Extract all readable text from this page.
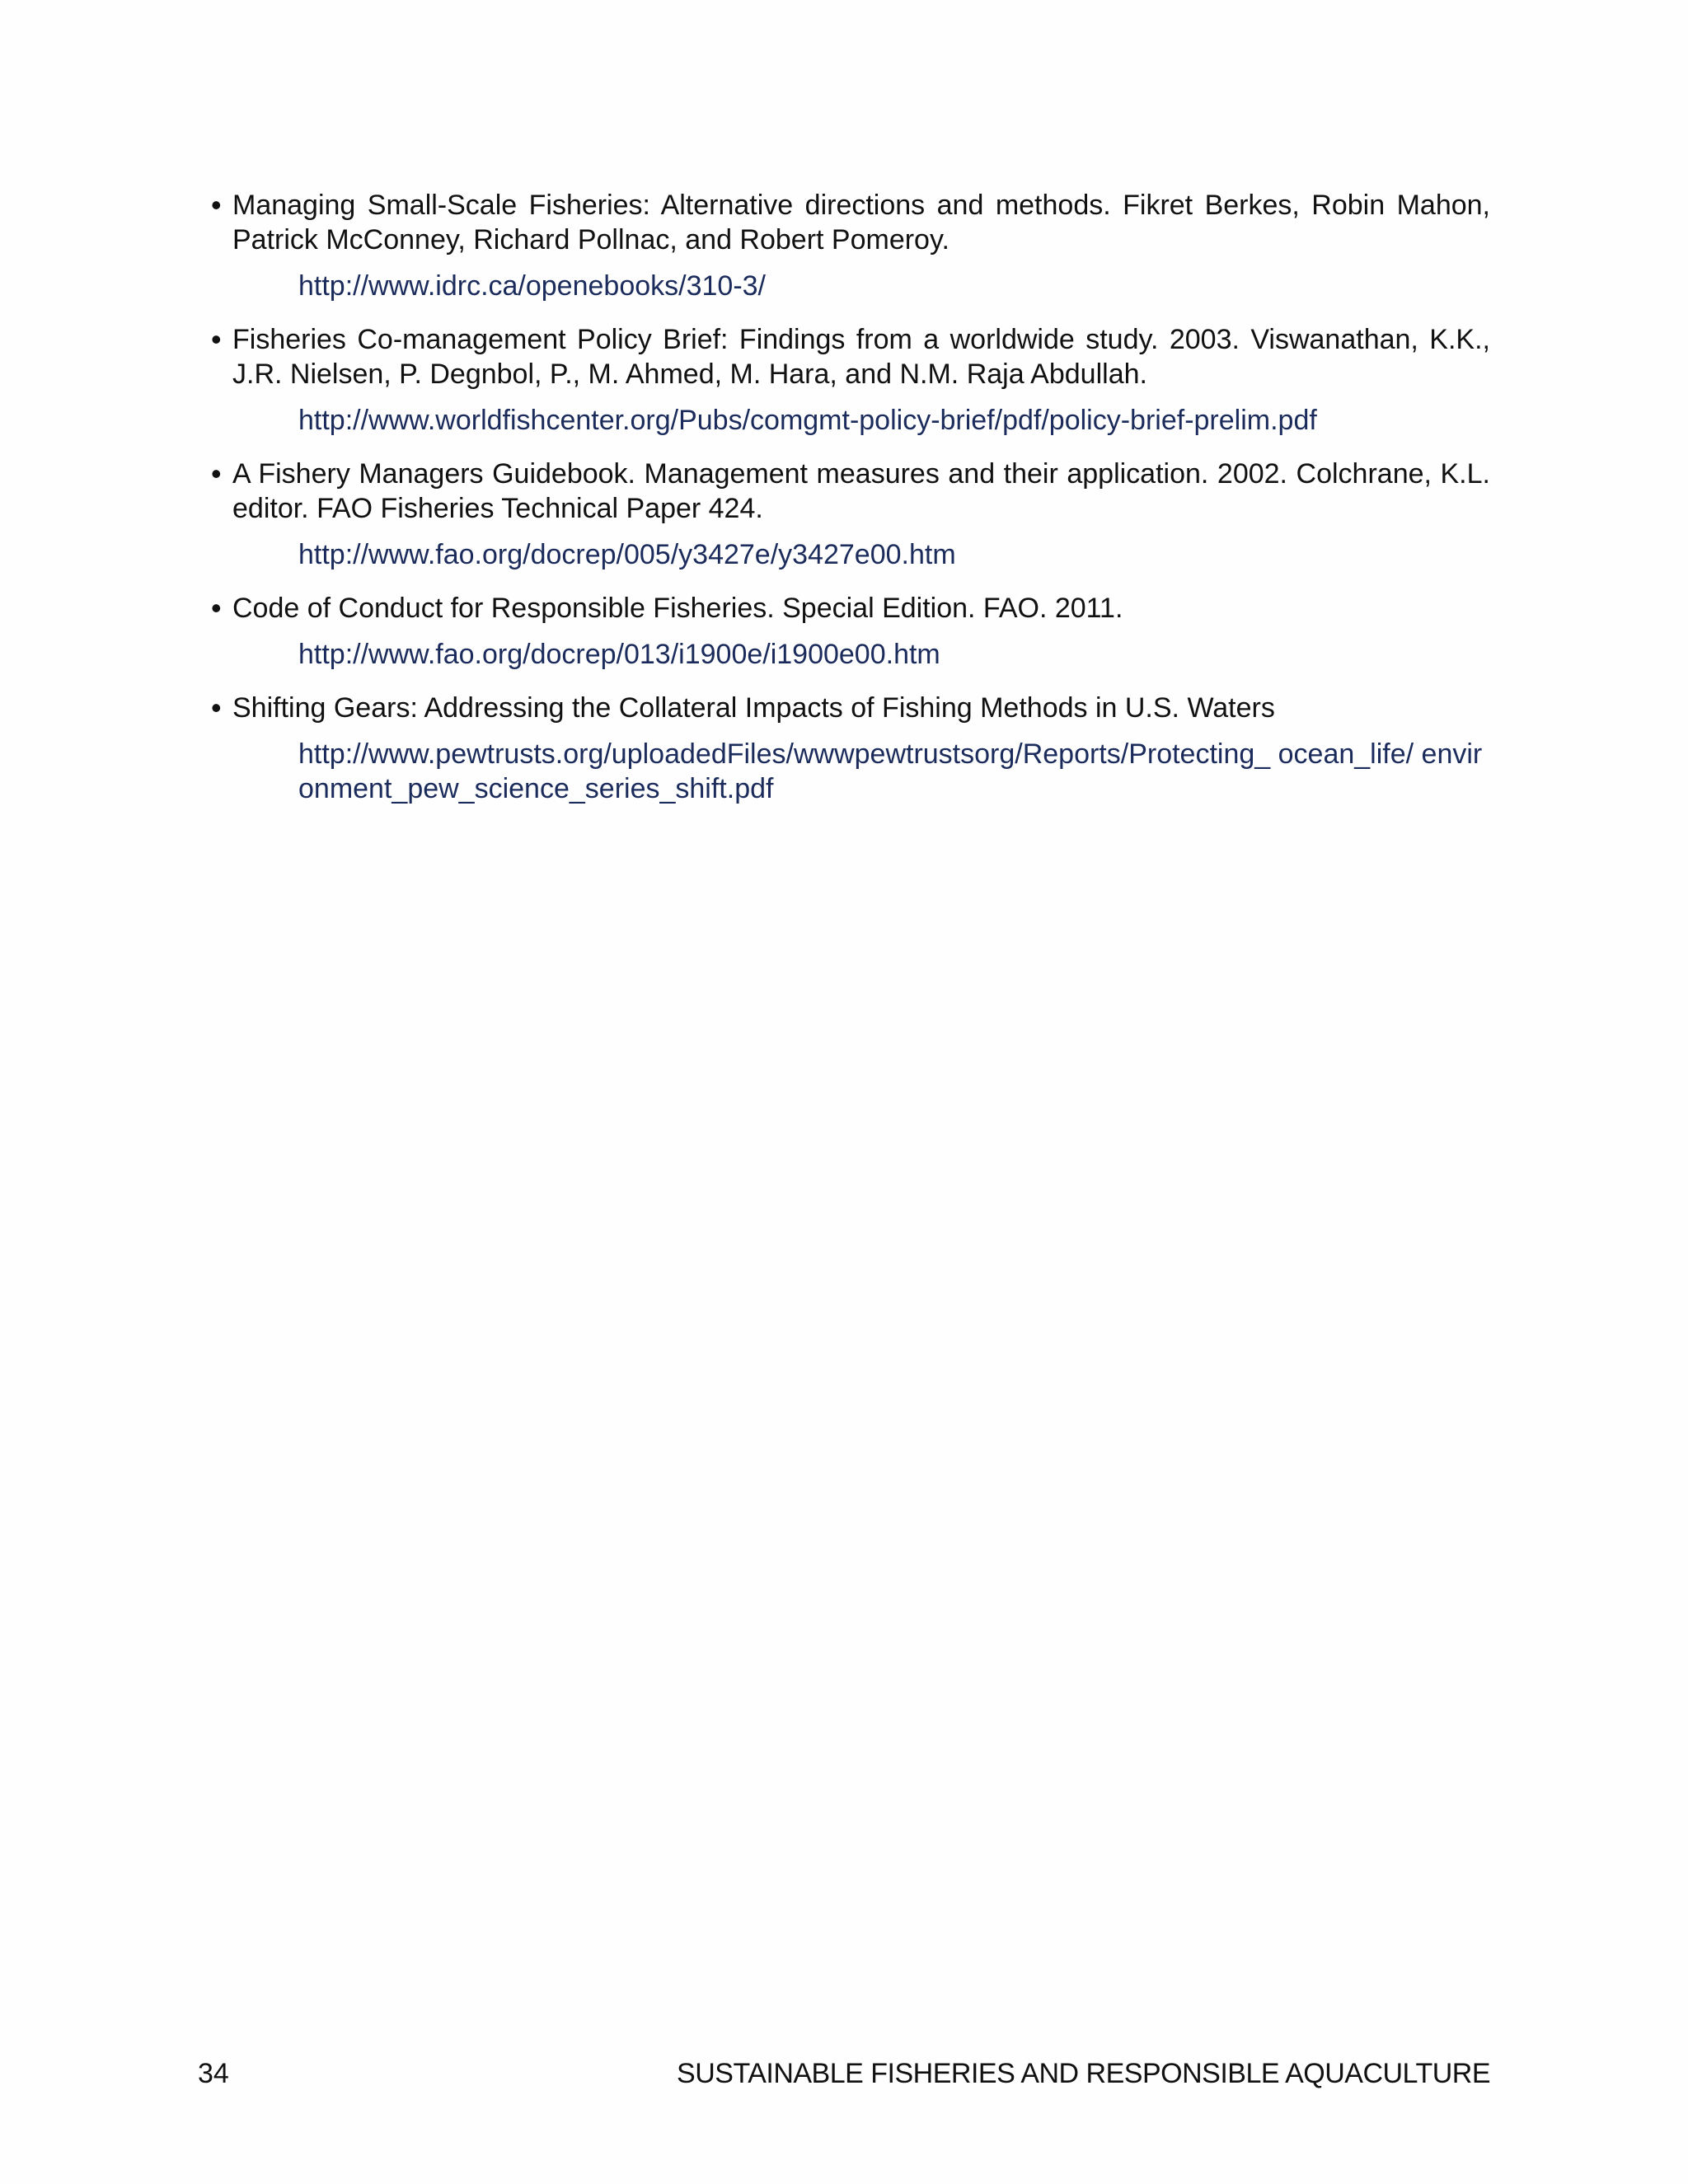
• Managing Small-Scale Fisheries: Alternative directions and methods. Fikret Berkes, Robin Mahon, Patrick McConney, Richard Pollnac, and Robert Pomeroy.
http://www.idrc.ca/openebooks/310-3/
• Fisheries Co-management Policy Brief: Findings from a worldwide study. 2003. Viswanathan, K.K., J.R. Nielsen, P. Degnbol, P., M. Ahmed, M. Hara, and N.M. Raja Abdullah.
http://www.worldfishcenter.org/Pubs/comgmt-policy-brief/pdf/policy-brief-prelim.pdf
• A Fishery Managers Guidebook. Management measures and their application. 2002. Colchrane, K.L. editor. FAO Fisheries Technical Paper 424.
http://www.fao.org/docrep/005/y3427e/y3427e00.htm
• Code of Conduct for Responsible Fisheries. Special Edition. FAO. 2011.
http://www.fao.org/docrep/013/i1900e/i1900e00.htm
• Shifting Gears: Addressing the Collateral Impacts of Fishing Methods in U.S. Waters
http://www.pewtrusts.org/uploadedFiles/wwwpewtrustsorg/Reports/Protecting_ ocean_life/ environment_pew_science_series_shift.pdf
34	SUSTAINABLE FISHERIES AND RESPONSIBLE AQUACULTURE
